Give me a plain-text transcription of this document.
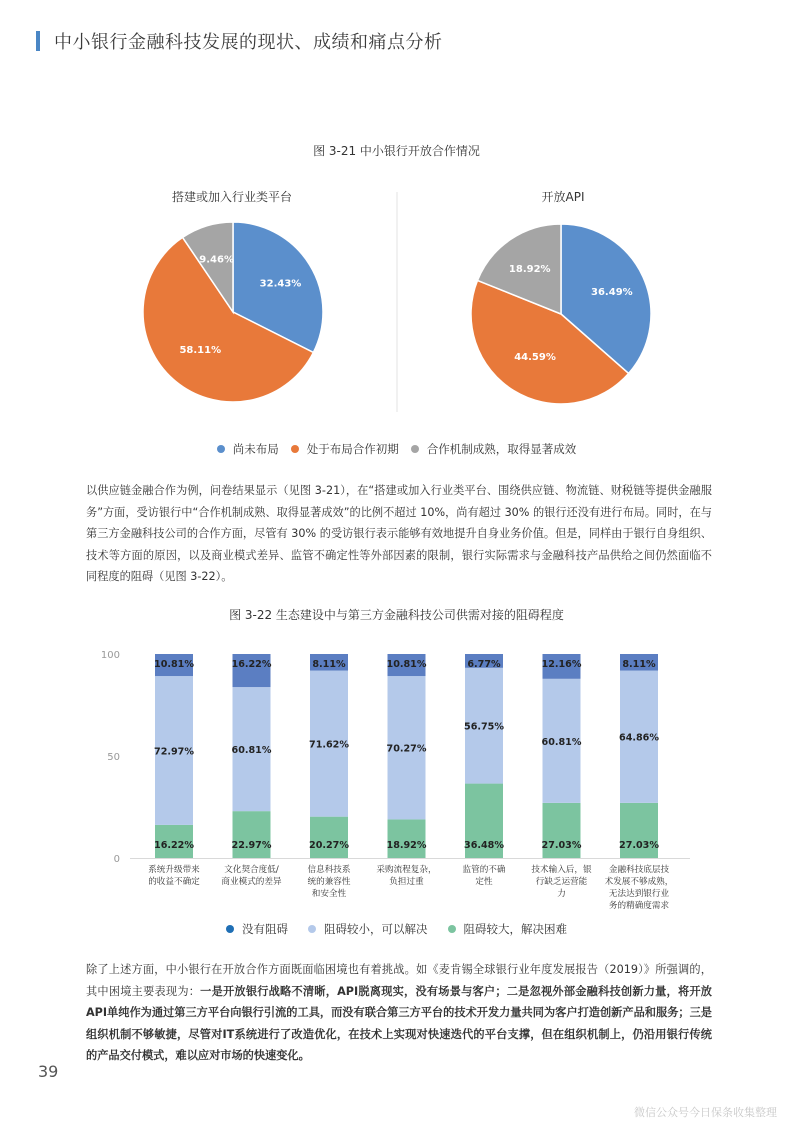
中小银行金融科技发展的现状、成绩和痛点分析
图 3-21 中小银行开放合作情况
搭建或加入行业类平台	开放API
32.43%
58.11%
9.46%
36.49%
44.59%
18.92%
尚未布局 处于布局合作初期 合作机制成熟，取得显著成效

以供应链金融合作为例，问卷结果显示（见图 3-21），在“搭建或加入行业类平台、围绕供应链、物流链、财税链等提供金融服务”方面，受访银行中“合作机制成熟、取得显著成效”的比例不超过 10%，尚有超过 30% 的银行还没有进行布局。同时，在与第三方金融科技公司的合作方面，尽管有 30% 的受访银行表示能够有效地提升自身业务价值。但是，同样由于银行自身组织、技术等方面的原因，以及商业模式差异、监管不确定性等外部因素的限制，银行实际需求与金融科技产品供给之间仍然面临不同程度的阻碍（见图 3-22）。

图 3-22 生态建设中与第三方金融科技公司供需对接的阻碍程度
0
50
100
16.22%
72.97%
10.81%
系统升级带来
的收益不确定
22.97%
60.81%
16.22%
文化契合度低/
商业模式的差异
20.27%
71.62%
8.11%
信息科技系
统的兼容性
和安全性
18.92%
70.27%
10.81%
采购流程复杂，
负担过重
36.48%
56.75%
6.77%
监管的不确
定性
27.03%
60.81%
12.16%
技术输入后，银
行缺乏运营能
力
27.03%
64.86%
8.11%
金融科技底层技
术发展不够成熟，
无法达到银行业
务的精确度需求
没有阻碍	阻碍较小，可以解决	阻碍较大，解决困难

除了上述方面，中小银行在开放合作方面既面临困境也有着挑战。如《麦肯锡全球银行业年度发展报告（2019）》所强调的，其中困境主要表现为：一是开放银行战略不清晰，API脱离现实，没有场景与客户；二是忽视外部金融科技创新力量，将开放API单纯作为通过第三方平台向银行引流的工具，而没有联合第三方平台的技术开发力量共同为客户打造创新产品和服务；三是组织机制不够敏捷，尽管对IT系统进行了改造优化，在技术上实现对快速迭代的平台支撑，但在组织机制上，仍沿用银行传统的产品交付模式，难以应对市场的快速变化。

39
微信公众号今日保条收集整理
